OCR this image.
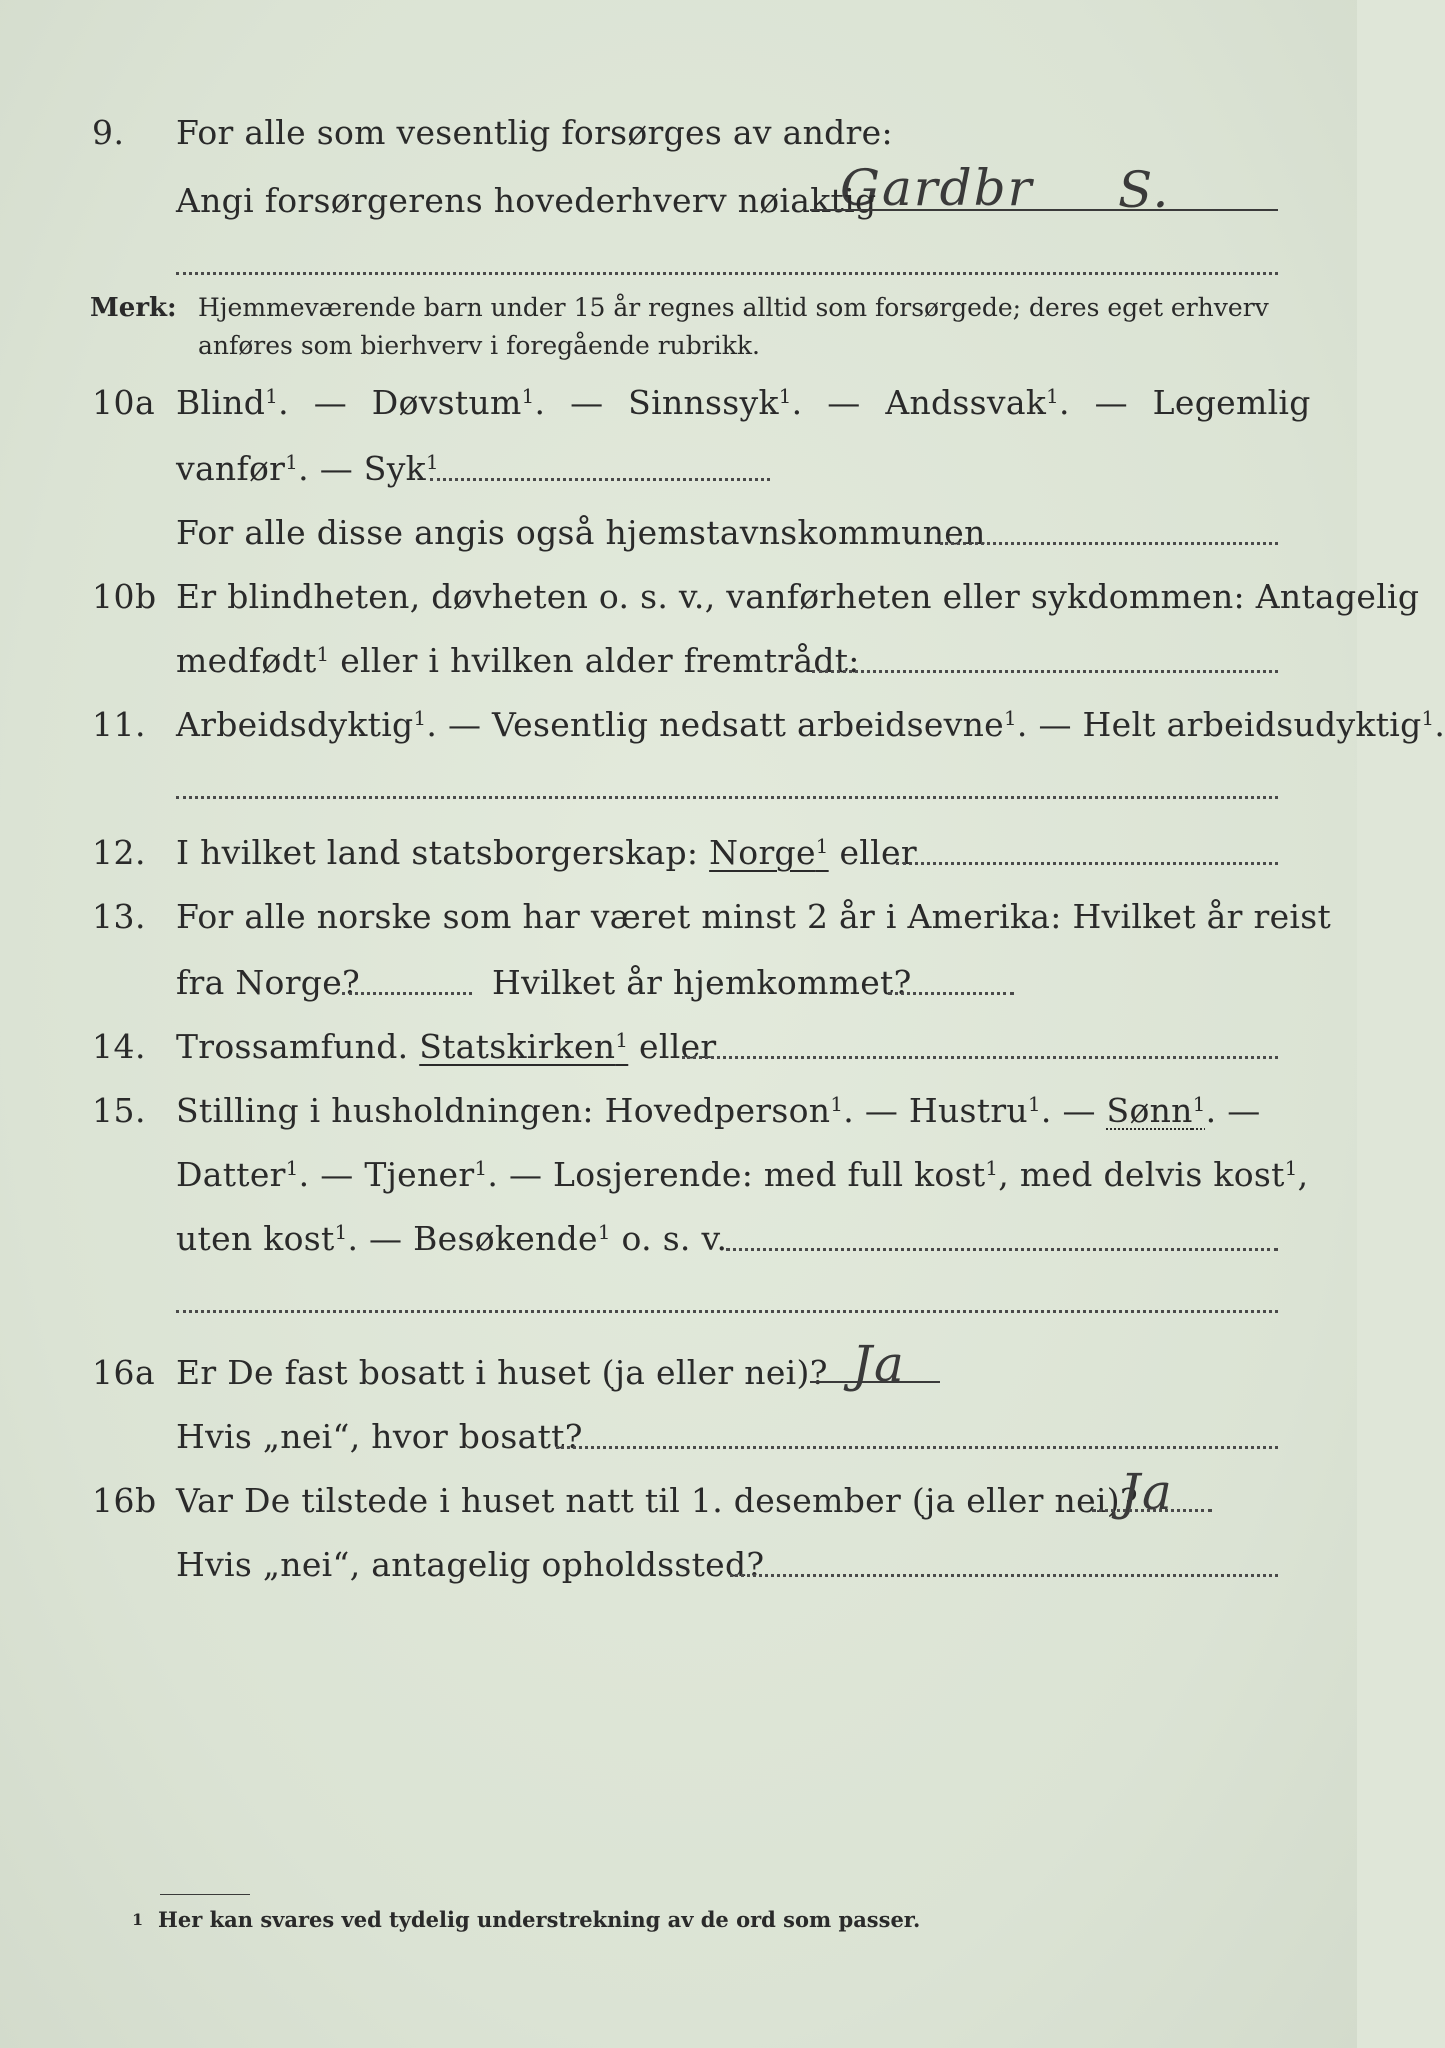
9. For alle som vesentlig forsørges av andre:
Gardbr S.
Angi forsørgerens hovederhverv nøiaktig
Merk: Hjemmeværende barn under 15 år regnes alltid som forsørgede; deres eget erhverv
anføres som bierhverv i foregående rubrikk.
10a Blind$^1$. — Døvstum$^1$. — Sinnssyk$^1$. — Andssvak$^1$. — Legemlig
vanfør$^1$. — Syk$^1$
For alle disse angis også hjemstavnskommunen
10b Er blindheten, døvheten o. s. v., vanførheten eller sykdommen: Antagelig
medfødt$^1$ eller i hvilken alder fremtrådt:
11. Arbeidsdyktig$^1$. — Vesentlig nedsatt arbeidsevne$^1$. — Helt arbeidsudyktig$^1$.
12. I hvilket land statsborgerskap: Norge$^1$ eller
13. For alle norske som har været minst 2 år i Amerika: Hvilket år reist
fra Norge?	Hvilket år hjemkommet?
14. Trossamfund. Statskirken$^1$ eller
15. Stilling i husholdningen: Hovedperson$^1$. — Hustru$^1$. — Sønn$^1$. —
Datter$^1$. — Tjener$^1$. — Losjerende: med full kost$^1$, med delvis kost$^1$,
uten kost$^1$. — Besøkende$^1$ o. s. v.
16a Er De fast bosatt i huset (ja eller nei)? Ja
Hvis „nei“, hvor bosatt?
16b Var De tilstede i huset natt til 1. desember (ja eller nei)?
Ja
Hvis „nei“, antagelig opholdssted?
1 Her kan svares ved tydelig understrekning av de ord som passer.
